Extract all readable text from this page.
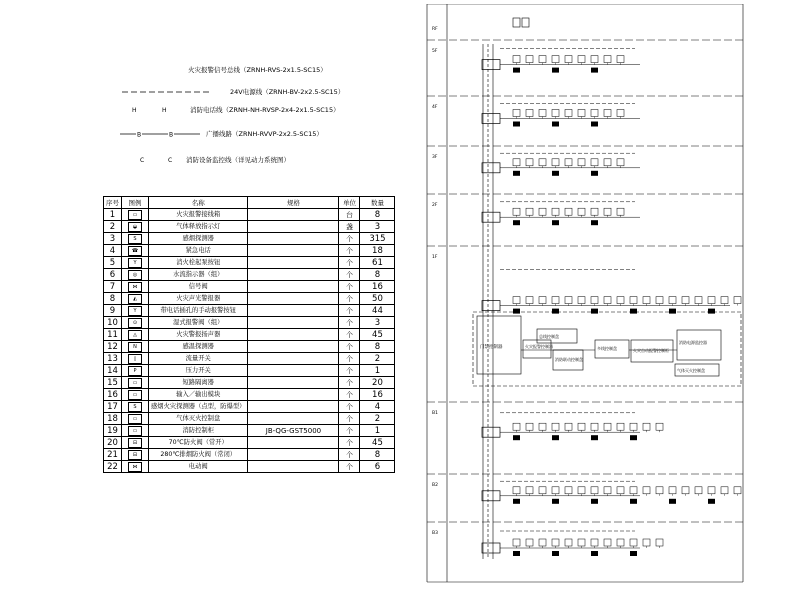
火灾报警信号总线（ZRNH-RVS-2x1.5-SC15）
24V电源线（ZRNH-BV-2x2.5-SC15）
H	H	消防电话线（ZRNH-NH-RVSP-2x4-2x1.5-SC15）
B	B	广播线路（ZRNH-RVVP-2x2.5-SC15）
C	C 消防设备监控线（详见动力系统图）
序号	图例	名称	规格	单位	数量
1	▭	火灾报警接线箱		台	8
2	◒	气体释放指示灯		盏	3
3	S	感烟探测器		个	315
4	☎	紧急电话		个	18
5	Y	消火栓起泵按钮		个	61
6	◎	水流指示器（组）		个	8
7	⋈	信号阀		个	16
8	◭	火灾声光警报器		个	50
9	Y	带电话插孔的手动报警按钮		个	44
10	⊙	湿式报警阀（组）		个	3
11	◬	火灾警报扬声器		个	45
12	N	感温探测器		个	8
13	▯	流量开关		个	2
14	P	压力开关		个	1
15	▭	短路隔离器		个	20
16	▭	输入／输出模块		个	16
17	S	感烟火灾探测器（点型，防爆型）		个	4
18	▭	气体灭火控制盘		个	2
19	▭	消防控制柜	JB-QG-GST5000	个	1
20	⊟	70℃防火阀（常开）		个	45
21	⊟	280℃排烟防火阀（常闭）		个	8
22	⋈	电动阀		个	6
RF
5F
4F
3F
2F
1F
B1
B2
B3
门禁控制器	火灾报警控制器
总线控制盘
消防联动控制盘
多线控制盘	火灾自动报警控制柜
消防电源监控器
气体灭火控制盘
